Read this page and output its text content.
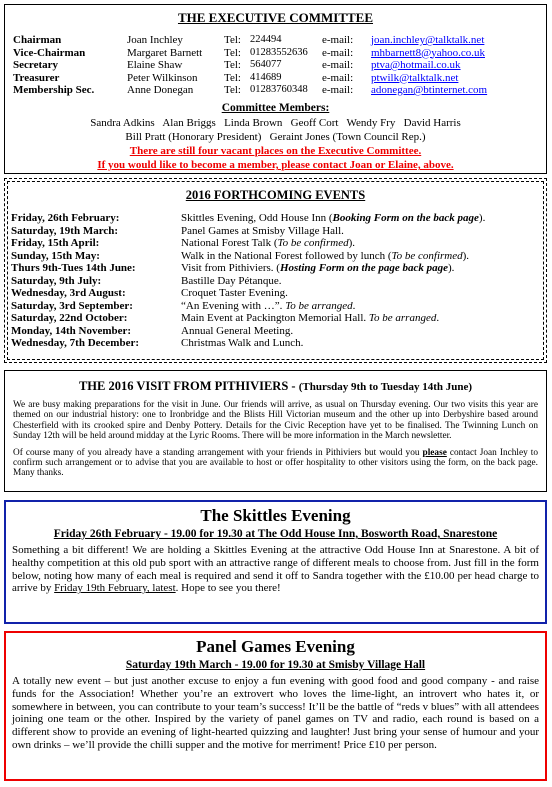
THE EXECUTIVE COMMITTEE
Chairman	Joan Inchley	Tel: 224494	e-mail:	joan.inchley@talktalk.net
Vice-Chairman	Margaret Barnett	Tel: 01283552636	e-mail:	mhbarnett8@yahoo.co.uk
Secretary	Elaine Shaw	Tel: 564077	e-mail:	ptva@hotmail.co.uk
Treasurer	Peter Wilkinson	Tel: 414689	e-mail:	ptwilk@talktalk.net
Membership Sec.	Anne Donegan	Tel: 01283760348	e-mail:	adonegan@btinternet.com
Committee Members:
Sandra Adkins   Alan Briggs   Linda Brown   Geoff Cort   Wendy Fry   David Harris
Bill Pratt (Honorary President)   Geraint Jones (Town Council Rep.)
There are still four vacant places on the Executive Committee.
If you would like to become a member, please contact Joan or Elaine, above.
2016 FORTHCOMING EVENTS
Friday, 26th February:	Skittles Evening, Odd House Inn (Booking Form on the back page).
Saturday, 19th March:	Panel Games at Smisby Village Hall.
Friday, 15th April:	National Forest Talk (To be confirmed).
Sunday, 15th May:	Walk in the National Forest followed by lunch (To be confirmed).
Thurs 9th-Tues 14th June:	Visit from Pithiviers. (Hosting Form on the page back page).
Saturday, 9th July:	Bastille Day Pétanque.
Wednesday, 3rd August:	Croquet Taster Evening.
Saturday, 3rd September:	“An Evening with …”. To be arranged.
Saturday, 22nd October:	Main Event at Packington Memorial Hall. To be arranged.
Monday, 14th November:	Annual General Meeting.
Wednesday, 7th December:	Christmas Walk and Lunch.
THE 2016 VISIT FROM PITHIVIERS - (Thursday 9th to Tuesday 14th June)

We are busy making preparations for the visit in June. Our friends will arrive, as usual on Thursday evening. Our two visits this year are themed on our industrial history: one to Ironbridge and the Blists Hill Victorian museum and the other up into Derbyshire based around Chesterfield with its crooked spire and Denby Pottery. Details for the Civic Reception have yet to be finalised. The Twinning Lunch on Sunday 12th will be held around midday at the Lyric Rooms. There will be more information in the March newsletter.

Of course many of you already have a standing arrangement with your friends in Pithiviers but would you please contact Joan Inchley to confirm such arrangement or to advise that you are available to host or offer hospitality to other visitors using the form, on the back page. Many thanks.

The Skittles Evening
Friday 26th February - 19.00 for 19.30 at The Odd House Inn, Bosworth Road, Snarestone

Something a bit different! We are holding a Skittles Evening at the attractive Odd House Inn at Snarestone. A bit of healthy competition at this old pub sport with an attractive range of different meals to choose from. Just fill in the form below, noting how many of each meal is required and send it off to Sandra together with the £10.00 per head charge to arrive by Friday 19th February, latest. Hope to see you there!

Panel Games Evening
Saturday 19th March - 19.00 for 19.30 at Smisby Village Hall

A totally new event – but just another excuse to enjoy a fun evening with good food and good company - and raise funds for the Association! Whether you’re an extrovert who loves the lime-light, an introvert who hates it, or somewhere in between, you can contribute to your team’s success! It’ll be the battle of “reds v blues” with all attendees joining one team or the other. Inspired by the variety of panel games on TV and radio, each round is based on a different show to provide an evening of light-hearted quizzing and laughter! Just bring your sense of humour and your own drinks – we’ll provide the chilli supper and the motive for merriment! Price £10 per person.
